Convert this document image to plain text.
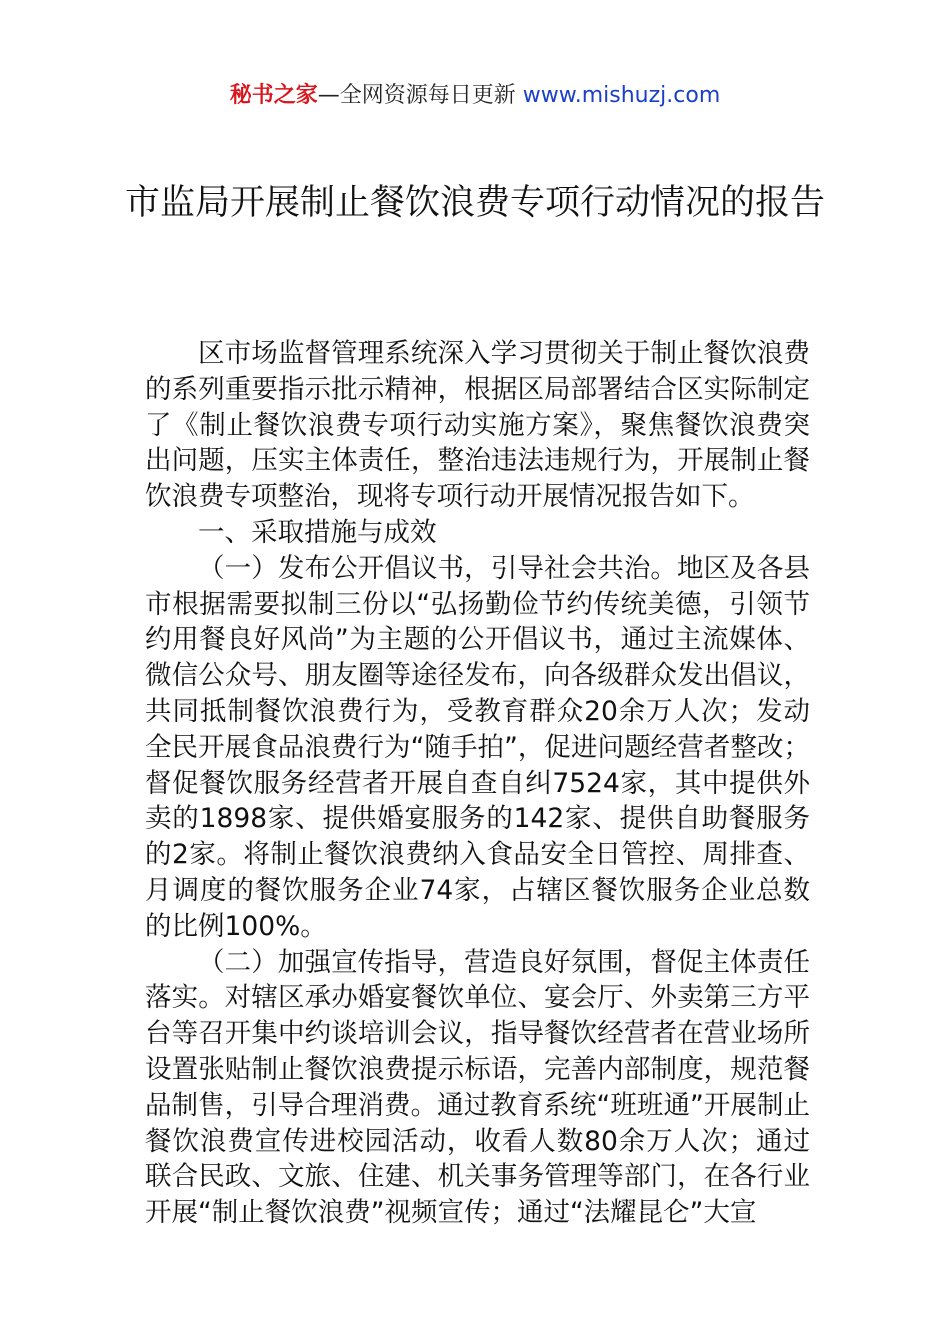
秘书之家—全网资源每日更新 www.mishuzj.com
市监局开展制止餐饮浪费专项行动情况的报告

区市场监督管理系统深入学习贯彻关于制止餐饮浪费的系列重要指示批示精神，根据区局部署结合区实际制定了《制止餐饮浪费专项行动实施方案》，聚焦餐饮浪费突出问题，压实主体责任，整治违法违规行为，开展制止餐饮浪费专项整治，现将专项行动开展情况报告如下。

一、采取措施与成效

（一）发布公开倡议书，引导社会共治。地区及各县市根据需要拟制三份以“弘扬勤俭节约传统美德，引领节约用餐良好风尚”为主题的公开倡议书，通过主流媒体、微信公众号、朋友圈等途径发布，向各级群众发出倡议，共同抵制餐饮浪费行为，受教育群众20余万人次；发动全民开展食品浪费行为“随手拍”，促进问题经营者整改；督促餐饮服务经营者开展自查自纠7524家，其中提供外卖的1898家、提供婚宴服务的142家、提供自助餐服务的2家。将制止餐饮浪费纳入食品安全日管控、周排查、月调度的餐饮服务企业74家，占辖区餐饮服务企业总数的比例100%。

（二）加强宣传指导，营造良好氛围，督促主体责任落实。对辖区承办婚宴餐饮单位、宴会厅、外卖第三方平台等召开集中约谈培训会议，指导餐饮经营者在营业场所设置张贴制止餐饮浪费提示标语，完善内部制度，规范餐品制售，引导合理消费。通过教育系统“班班通”开展制止餐饮浪费宣传进校园活动，收看人数80余万人次；通过联合民政、文旅、住建、机关事务管理等部门，在各行业开展“制止餐饮浪费”视频宣传；通过“法耀昆仑”大宣
